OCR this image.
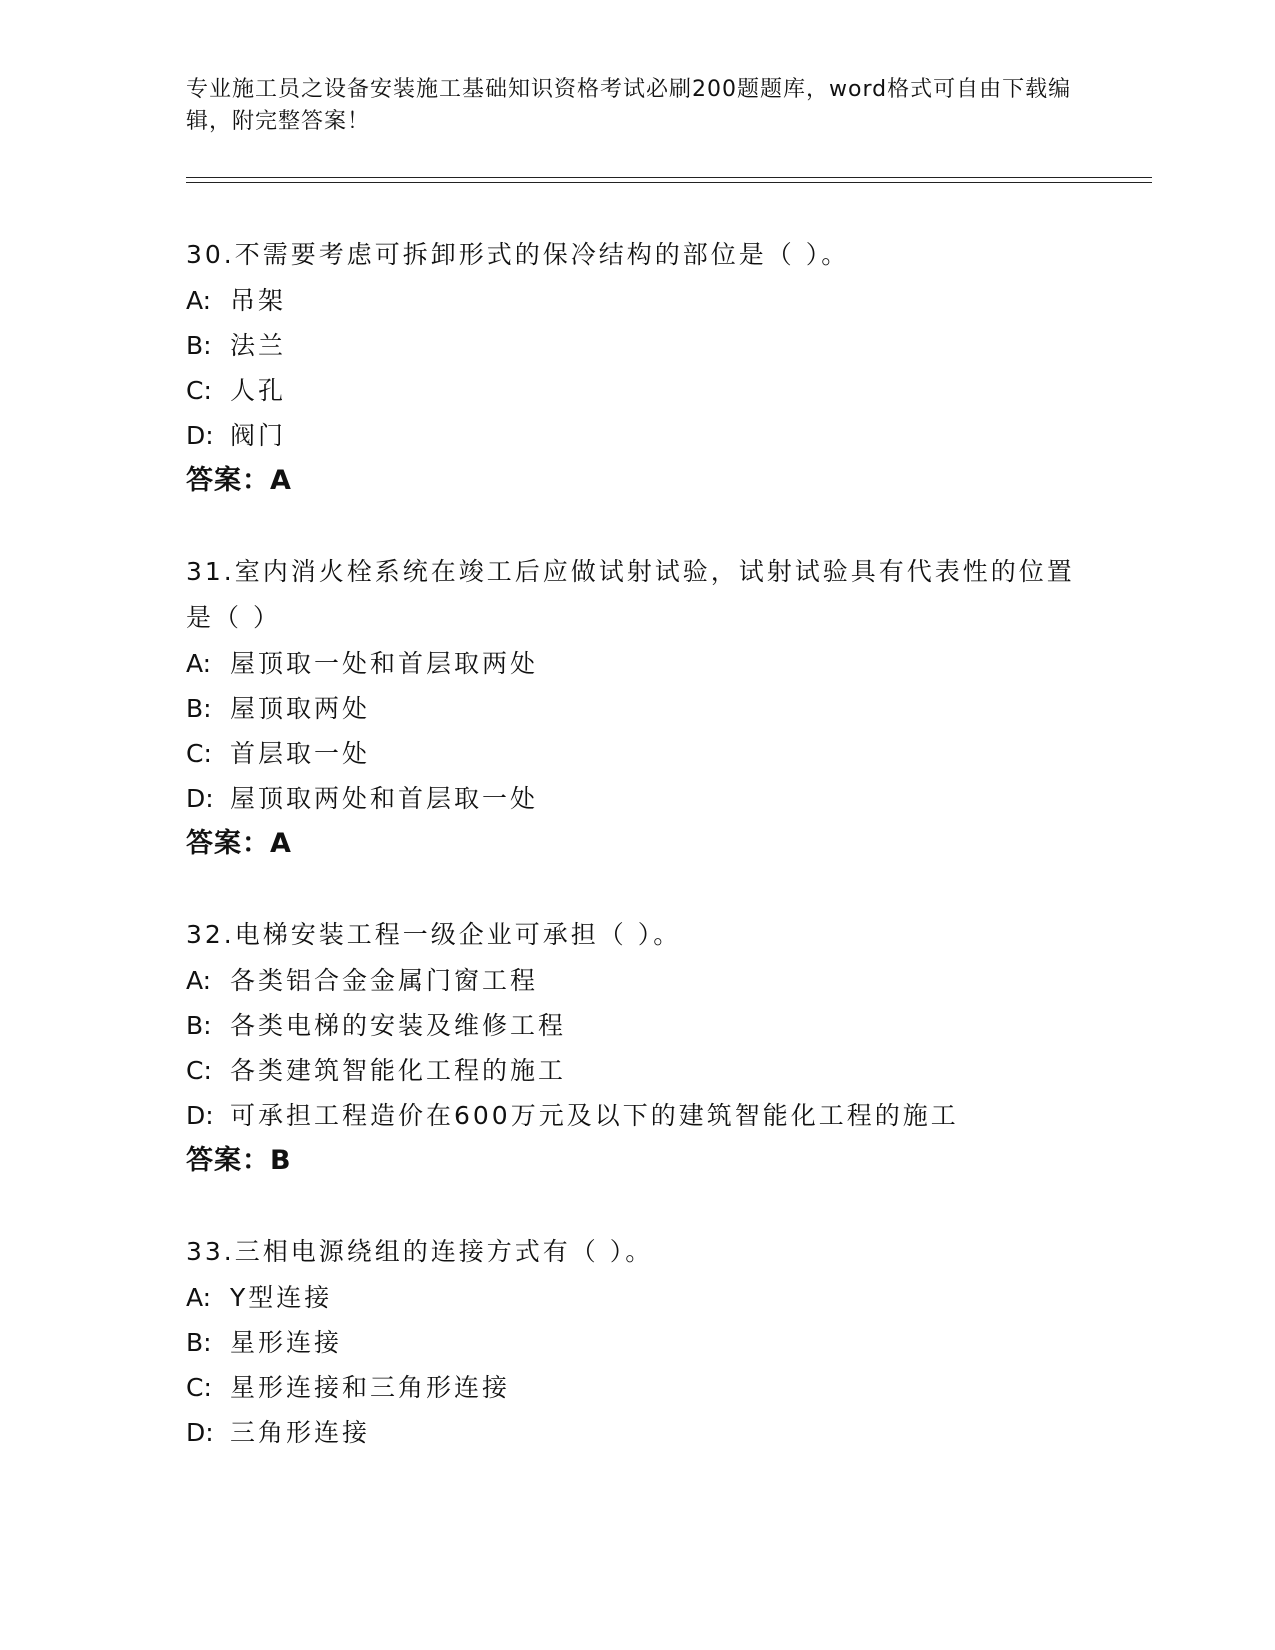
专业施工员之设备安装施工基础知识资格考试必刷200题题库，word格式可自由下载编辑，附完整答案！
30.不需要考虑可拆卸形式的保冷结构的部位是（ ）。
A: 吊架
B: 法兰
C: 人孔
D: 阀门
答案：A
31.室内消火栓系统在竣工后应做试射试验，试射试验具有代表性的位置是（ ）
A: 屋顶取一处和首层取两处
B: 屋顶取两处
C: 首层取一处
D: 屋顶取两处和首层取一处
答案：A
32.电梯安装工程一级企业可承担（ ）。
A: 各类铝合金金属门窗工程
B: 各类电梯的安装及维修工程
C: 各类建筑智能化工程的施工
D: 可承担工程造价在600万元及以下的建筑智能化工程的施工
答案：B
33.三相电源绕组的连接方式有（ ）。
A: Y型连接
B: 星形连接
C: 星形连接和三角形连接
D: 三角形连接
